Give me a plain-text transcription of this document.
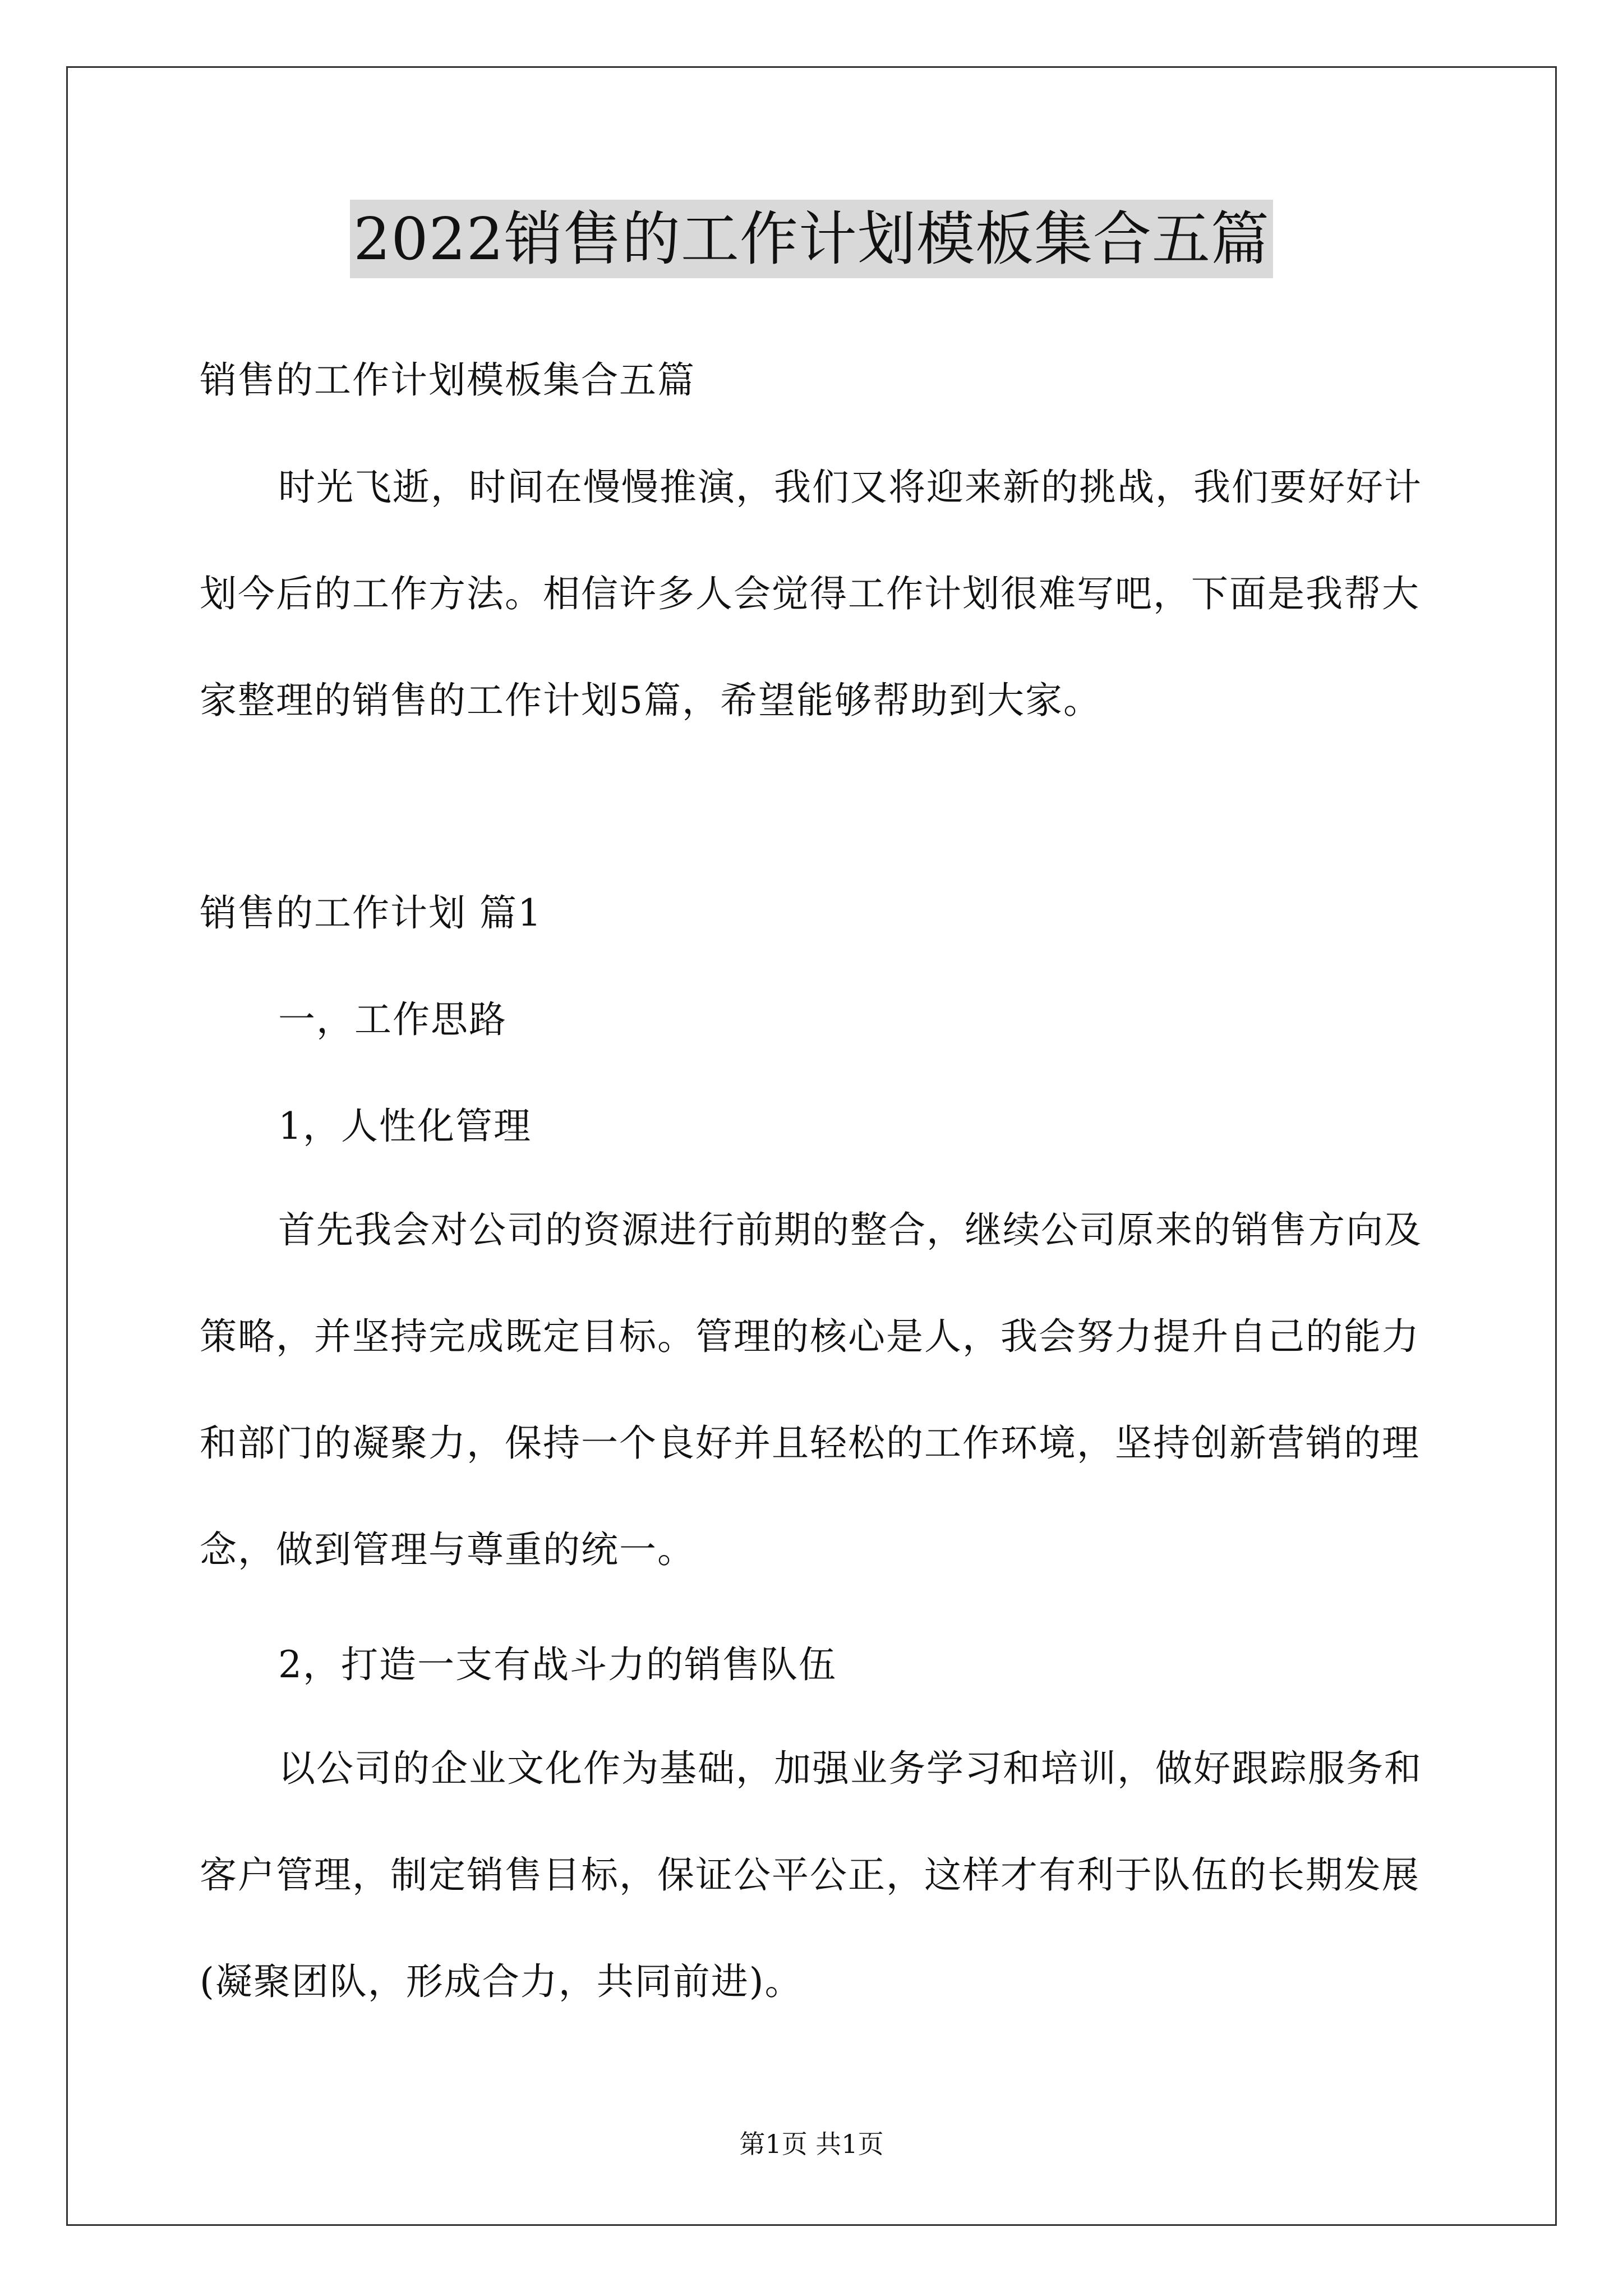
2022销售的工作计划模板集合五篇

销售的工作计划模板集合五篇

时光飞逝，时间在慢慢推演，我们又将迎来新的挑战，我们要好好计划今后的工作方法。相信许多人会觉得工作计划很难写吧，下面是我帮大家整理的销售的工作计划5篇，希望能够帮助到大家。

销售的工作计划 篇1

一，工作思路

1，人性化管理

首先我会对公司的资源进行前期的整合，继续公司原来的销售方向及策略，并坚持完成既定目标。管理的核心是人，我会努力提升自己的能力和部门的凝聚力，保持一个良好并且轻松的工作环境，坚持创新营销的理念，做到管理与尊重的统一。

2，打造一支有战斗力的销售队伍

以公司的企业文化作为基础，加强业务学习和培训，做好跟踪服务和客户管理，制定销售目标，保证公平公正，这样才有利于队伍的长期发展(凝聚团队，形成合力，共同前进)。

第1页 共1页
